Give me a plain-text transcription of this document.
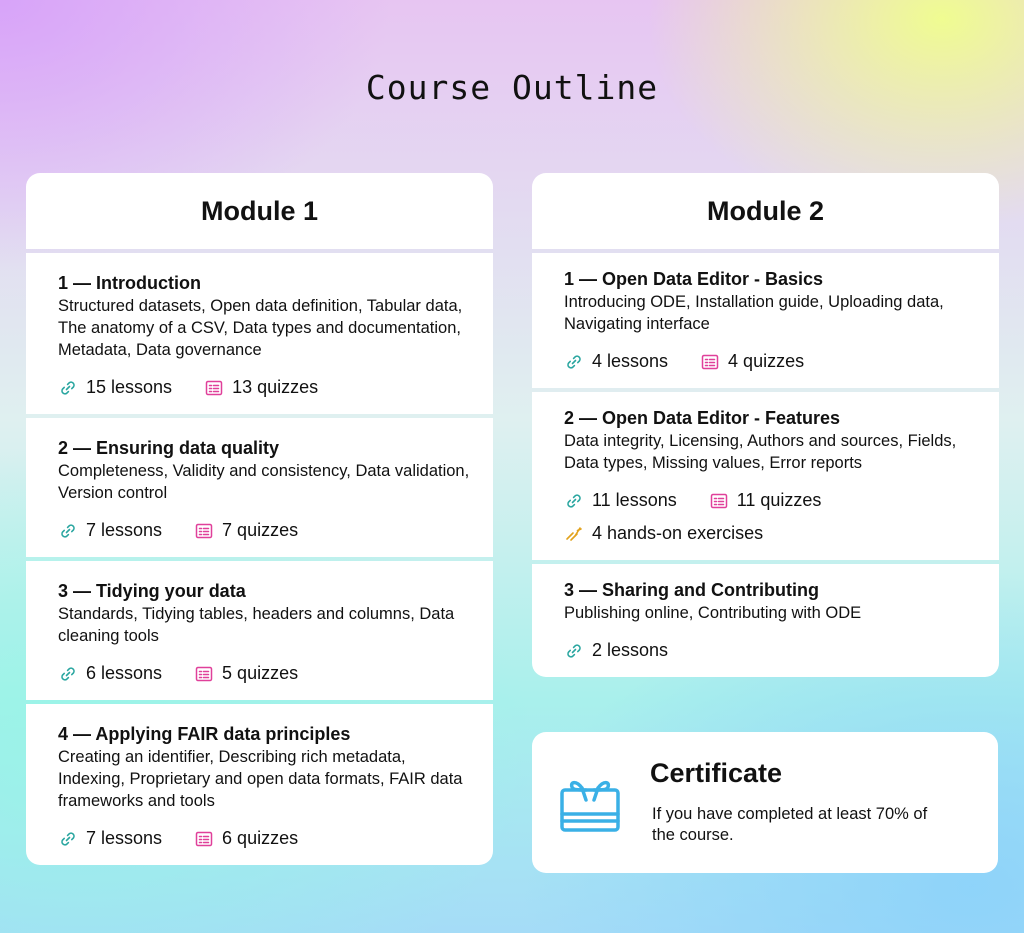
Course Outline
Module 1
1 — Introduction
Structured datasets, Open data definition, Tabular data, The anatomy of a CSV, Data types and documentation, Metadata, Data governance
15 lessons	13 quizzes
2 — Ensuring data quality
Completeness, Validity and consistency, Data validation, Version control
7 lessons	7 quizzes
3 — Tidying your data
Standards, Tidying tables, headers and columns, Data cleaning tools
6 lessons	5 quizzes
4 — Applying FAIR data principles
Creating an identifier, Describing rich metadata, Indexing, Proprietary and open data formats, FAIR data frameworks and tools
7 lessons	6 quizzes
Module 2
1 — Open Data Editor - Basics
Introducing ODE, Installation guide, Uploading data, Navigating interface
4 lessons	4 quizzes
2 — Open Data Editor - Features
Data integrity, Licensing, Authors and sources, Fields, Data types, Missing values, Error reports
11 lessons	11 quizzes
4 hands-on exercises
3 — Sharing and Contributing
Publishing online, Contributing with ODE
2 lessons
Certificate
If you have completed at least 70% of the course.
